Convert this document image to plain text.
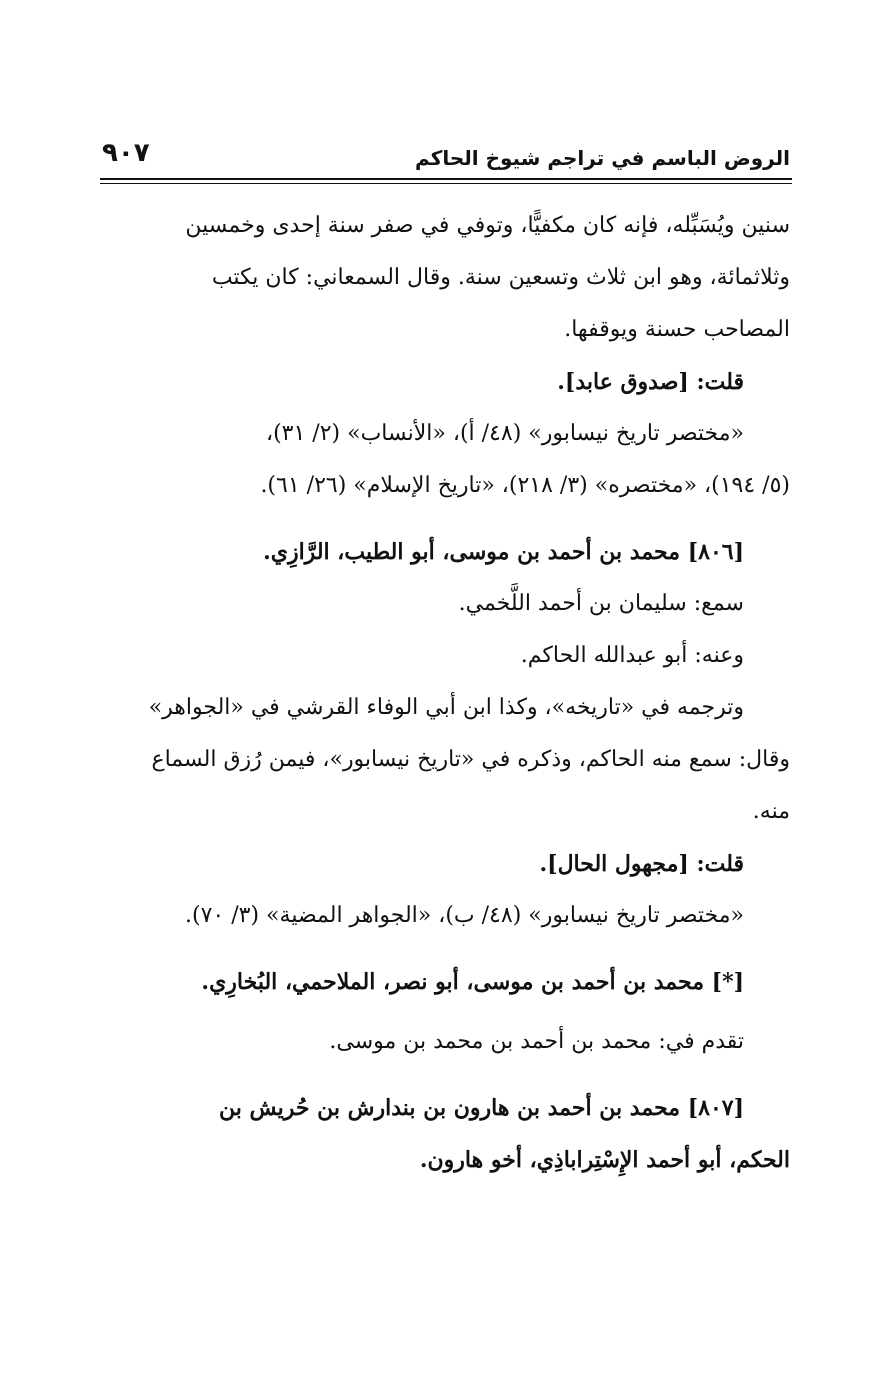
الروض الباسم في تراجم شيوخ الحاكم
٩٠٧
سنين ويُسَبِّله، فإنه كان مكفيًّا، وتوفي في صفر سنة إحدى وخمسين
وثلاثمائة، وهو ابن ثلاث وتسعين سنة. وقال السمعاني: كان يكتب
المصاحب حسنة ويوقفها.
قلت: [صدوق عابد].
«مختصر تاريخ نيسابور» (٤٨/ أ)، «الأنساب» (٢/ ٣١)،
(٥/ ١٩٤)، «مختصره» (٣/ ٢١٨)، «تاريخ الإسلام» (٢٦/ ٦١).
[٨٠٦] محمد بن أحمد بن موسى، أبو الطيب، الرَّازِي.
سمع: سليمان بن أحمد اللَّخمي.
وعنه: أبو عبدالله الحاكم.
وترجمه في «تاريخه»، وكذا ابن أبي الوفاء القرشي في «الجواهر»
وقال: سمع منه الحاكم، وذكره في «تاريخ نيسابور»، فيمن رُزق السماع
منه.
قلت: [مجهول الحال].
«مختصر تاريخ نيسابور» (٤٨/ ب)، «الجواهر المضية» (٣/ ٧٠).
[*] محمد بن أحمد بن موسى، أبو نصر، الملاحمي، البُخارِي.
تقدم في: محمد بن أحمد بن محمد بن موسى.
[٨٠٧] محمد بن أحمد بن هارون بن بندارش بن حُريش بن
الحكم، أبو أحمد الإِسْتِراباذِي، أخو هارون.
